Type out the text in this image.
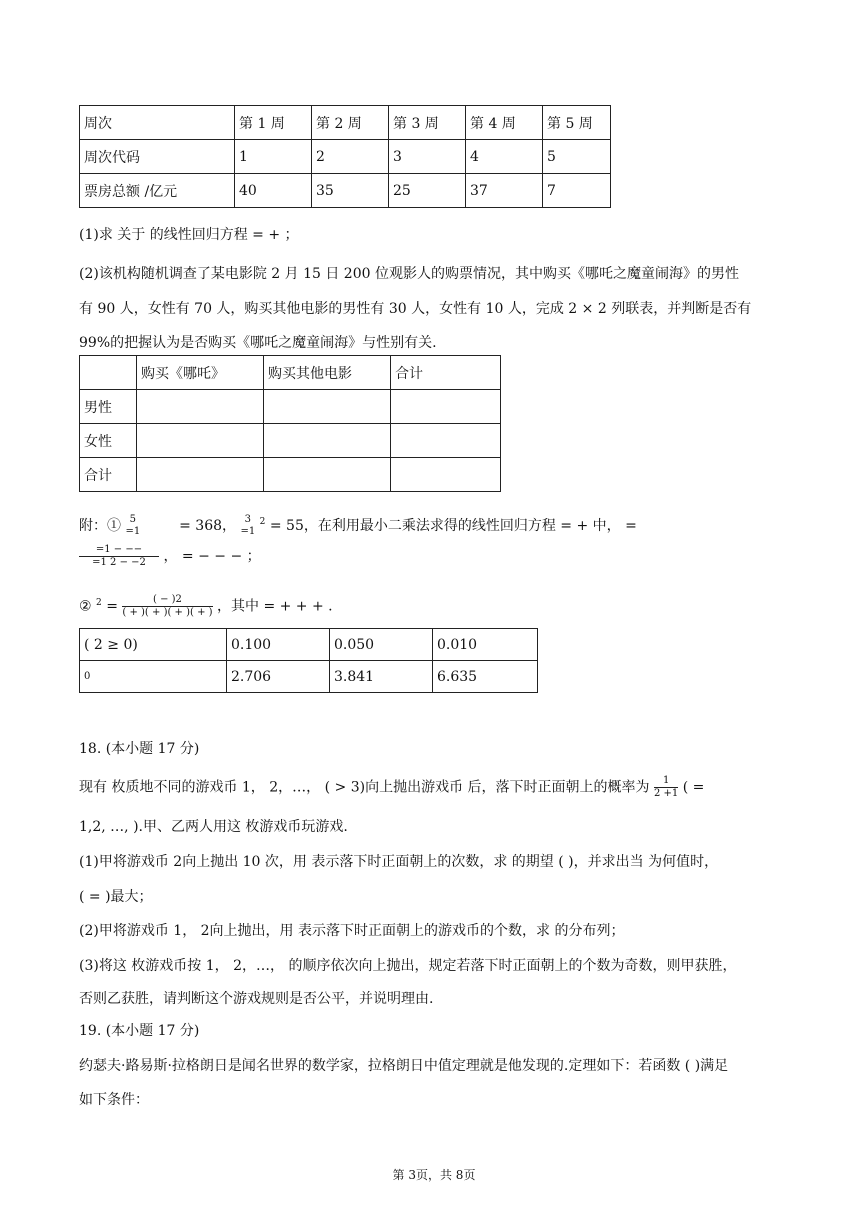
周次	第 1 周	第 2 周	第 3 周	第 4 周	第 5 周
周次代码	1	2	3	4	5
票房总额 /亿元	40	35	25	37	7
(1)求 关于 的线性回归方程 = + ；
(2)该机构随机调查了某电影院 2 月 15 日 200 位观影人的购票情况，其中购买《哪吒之魔童闹海》的男性
有 90 人，女性有 70 人，购买其他电影的男性有 30 人，女性有 10 人，完成 2 × 2 列联表，并判断是否有
99%的把握认为是否购买《哪吒之魔童闹海》与性别有关.
	购买《哪吒》	购买其他电影	合计
男性			
女性			
合计			
附：① 5
=1	= 368， 3
=1
$^2$ = 55，在利用最小二乘法求得的线性回归方程 = + 中， =
$\frac{=1 - --}{=1 2 - -2}$ ， = − − − ；
② $^2 = \frac{( - )2}{( + )( + )( + )( + )}$ ，其中 = + + + .
( 2 ≥ 0)	0.100	0.050	0.010
0	2.706	3.841	6.635
18. (本小题 17 分)
现有 枚质地不同的游戏币 1， 2，…， ( > 3)向上抛出游戏币 后，落下时正面朝上的概率为 $\frac{1}{2 +1}$ ( =
1,2, …, ).甲、乙两人用这 枚游戏币玩游戏.
(1)甲将游戏币 2向上抛出 10 次，用 表示落下时正面朝上的次数，求 的期望 ( )，并求出当 为何值时，
( = )最大；
(2)甲将游戏币 1， 2向上抛出，用 表示落下时正面朝上的游戏币的个数，求 的分布列；
(3)将这 枚游戏币按 1， 2，…， 的顺序依次向上抛出，规定若落下时正面朝上的个数为奇数，则甲获胜，
否则乙获胜，请判断这个游戏规则是否公平，并说明理由.
19. (本小题 17 分)
约瑟夫·路易斯·拉格朗日是闻名世界的数学家，拉格朗日中值定理就是他发现的.定理如下：若函数 ( )满足
如下条件：
第 3页，共 8页
